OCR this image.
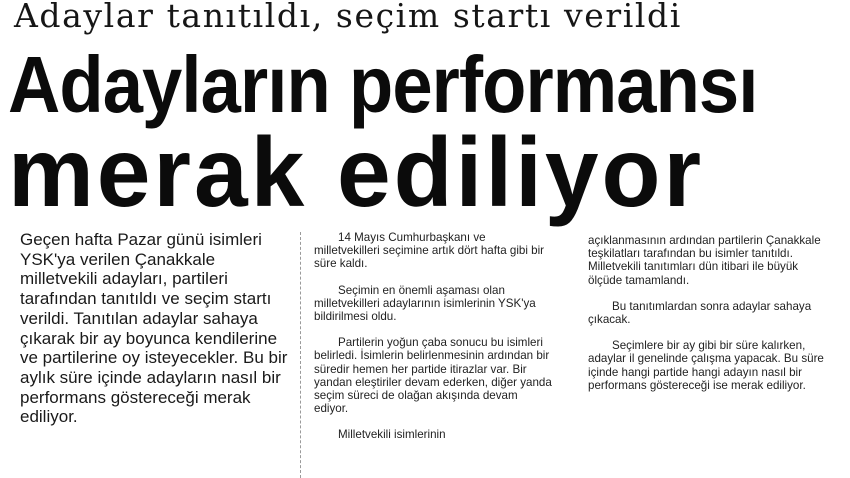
Adaylar tanıtıldı, seçim startı verildi
Adayların performansı
merak ediliyor
Geçen hafta Pazar günü isimleri YSK'ya verilen Çanakkale milletvekili adayları, partileri tarafından tanıtıldı ve seçim startı verildi. Tanıtılan adaylar sahaya çıkarak bir ay boyunca kendilerine ve partilerine oy isteyecekler. Bu bir aylık süre içinde adayların nasıl bir performans göstereceği merak ediliyor.

14 Mayıs Cumhurbaşkanı ve milletvekilleri seçimine artık dört hafta gibi bir süre kaldı.

Seçimin en önemli aşaması olan milletvekilleri adaylarının isimlerinin YSK'ya bildirilmesi oldu.

Partilerin yoğun çaba sonucu bu isimleri belirledi. İsimlerin belirlenmesinin ardından bir süredir hemen her partide itirazlar var. Bir yandan eleştiriler devam ederken, diğer yanda seçim süreci de olağan akışında devam ediyor.

Milletvekili isimlerinin

açıklanmasının ardından partilerin Çanakkale teşkilatları tarafından bu isimler tanıtıldı. Milletvekili tanıtımları dün itibari ile büyük ölçüde tamamlandı.

Bu tanıtımlardan sonra adaylar sahaya çıkacak.

Seçimlere bir ay gibi bir süre kalırken, adaylar il genelinde çalışma yapacak. Bu süre içinde hangi partide hangi adayın nasıl bir performans göstereceği ise merak ediliyor.
